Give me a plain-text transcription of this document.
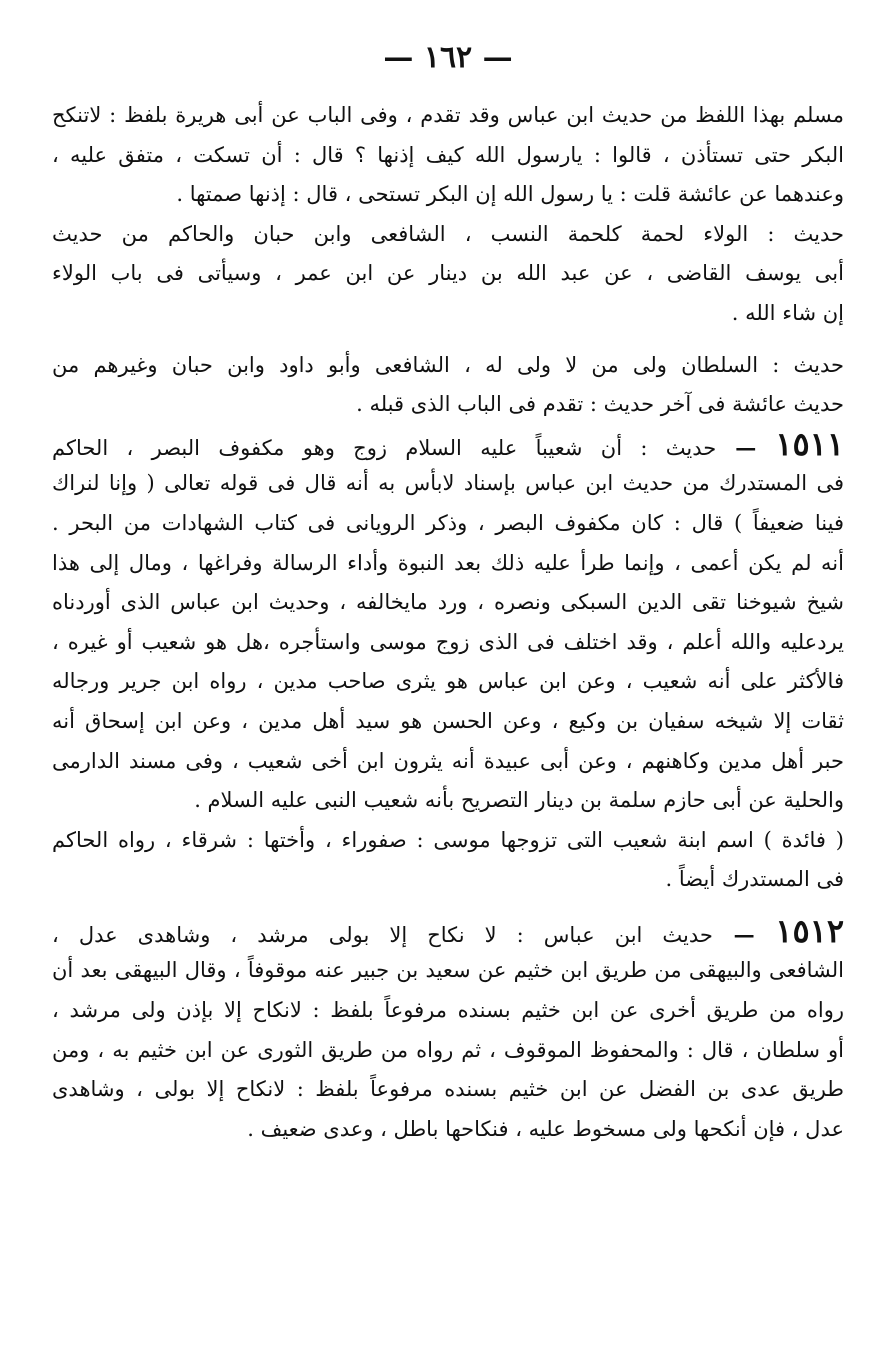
— ١٦٢ —
مسلم بهذا اللفظ من حديث ابن عباس وقد تقدم ، وفى الباب عن أبى هريرة بلفظ : لاتنكح
البكر حتى تستأذن ، قالوا : يارسول الله كيف إذنها ؟ قال : أن تسكت ، متفق عليه ،
وعندهما عن عائشة قلت : يا رسول الله إن البكر تستحى ، قال : إذنها صمتها .
حديث : الولاء لحمة كلحمة النسب ، الشافعى وابن حبان والحاكم من حديث
أبى يوسف القاضى ، عن عبد الله بن دينار عن ابن عمر ، وسيأتى فى باب الولاء
إن شاء الله .
حديث : السلطان ولى من لا ولى له ، الشافعى وأبو داود وابن حبان وغيرهم من
حديث عائشة فى آخر حديث : تقدم فى الباب الذى قبله .
١٥١١ — حديث : أن شعيباً عليه السلام زوج وهو مكفوف البصر ، الحاكم
فى المستدرك من حديث ابن عباس بإسناد لابأس به أنه قال فى قوله تعالى ( وإنا لنراك
فينا ضعيفاً ) قال : كان مكفوف البصر ، وذكر الرويانى فى كتاب الشهادات من البحر .
أنه لم يكن أعمى ، وإنما طرأ عليه ذلك بعد النبوة وأداء الرسالة وفراغها ، ومال إلى هذا
شيخ شيوخنا تقى الدين السبكى ونصره ، ورد مايخالفه ، وحديث ابن عباس الذى أوردناه
يردعليه والله أعلم ، وقد اختلف فى الذى زوج موسى واستأجره ،هل هو شعيب أو غيره ،
فالأكثر على أنه شعيب ، وعن ابن عباس هو يثرى صاحب مدين ، رواه ابن جرير ورجاله
ثقات إلا شيخه سفيان بن وكيع ، وعن الحسن هو سيد أهل مدين ، وعن ابن إسحاق أنه
حبر أهل مدين وكاهنهم ، وعن أبى عبيدة أنه يثرون ابن أخى شعيب ، وفى مسند الدارمى
والحلية عن أبى حازم سلمة بن دينار التصريح بأنه شعيب النبى عليه السلام .
( فائدة ) اسم ابنة شعيب التى تزوجها موسى : صفوراء ، وأختها : شرقاء ، رواه الحاكم
فى المستدرك أيضاً .
١٥١٢ — حديث ابن عباس : لا نكاح إلا بولى مرشد ، وشاهدى عدل ،
الشافعى والبيهقى من طريق ابن خثيم عن سعيد بن جبير عنه موقوفاً ، وقال البيهقى بعد أن
رواه من طريق أخرى عن ابن خثيم بسنده مرفوعاً بلفظ : لانكاح إلا بإذن ولى مرشد ،
أو سلطان ، قال : والمحفوظ الموقوف ، ثم رواه من طريق الثورى عن ابن خثيم به ، ومن
طريق عدى بن الفضل عن ابن خثيم بسنده مرفوعاً بلفظ : لانكاح إلا بولى ، وشاهدى
عدل ، فإن أنكحها ولى مسخوط عليه ، فنكاحها باطل ، وعدى ضعيف .
